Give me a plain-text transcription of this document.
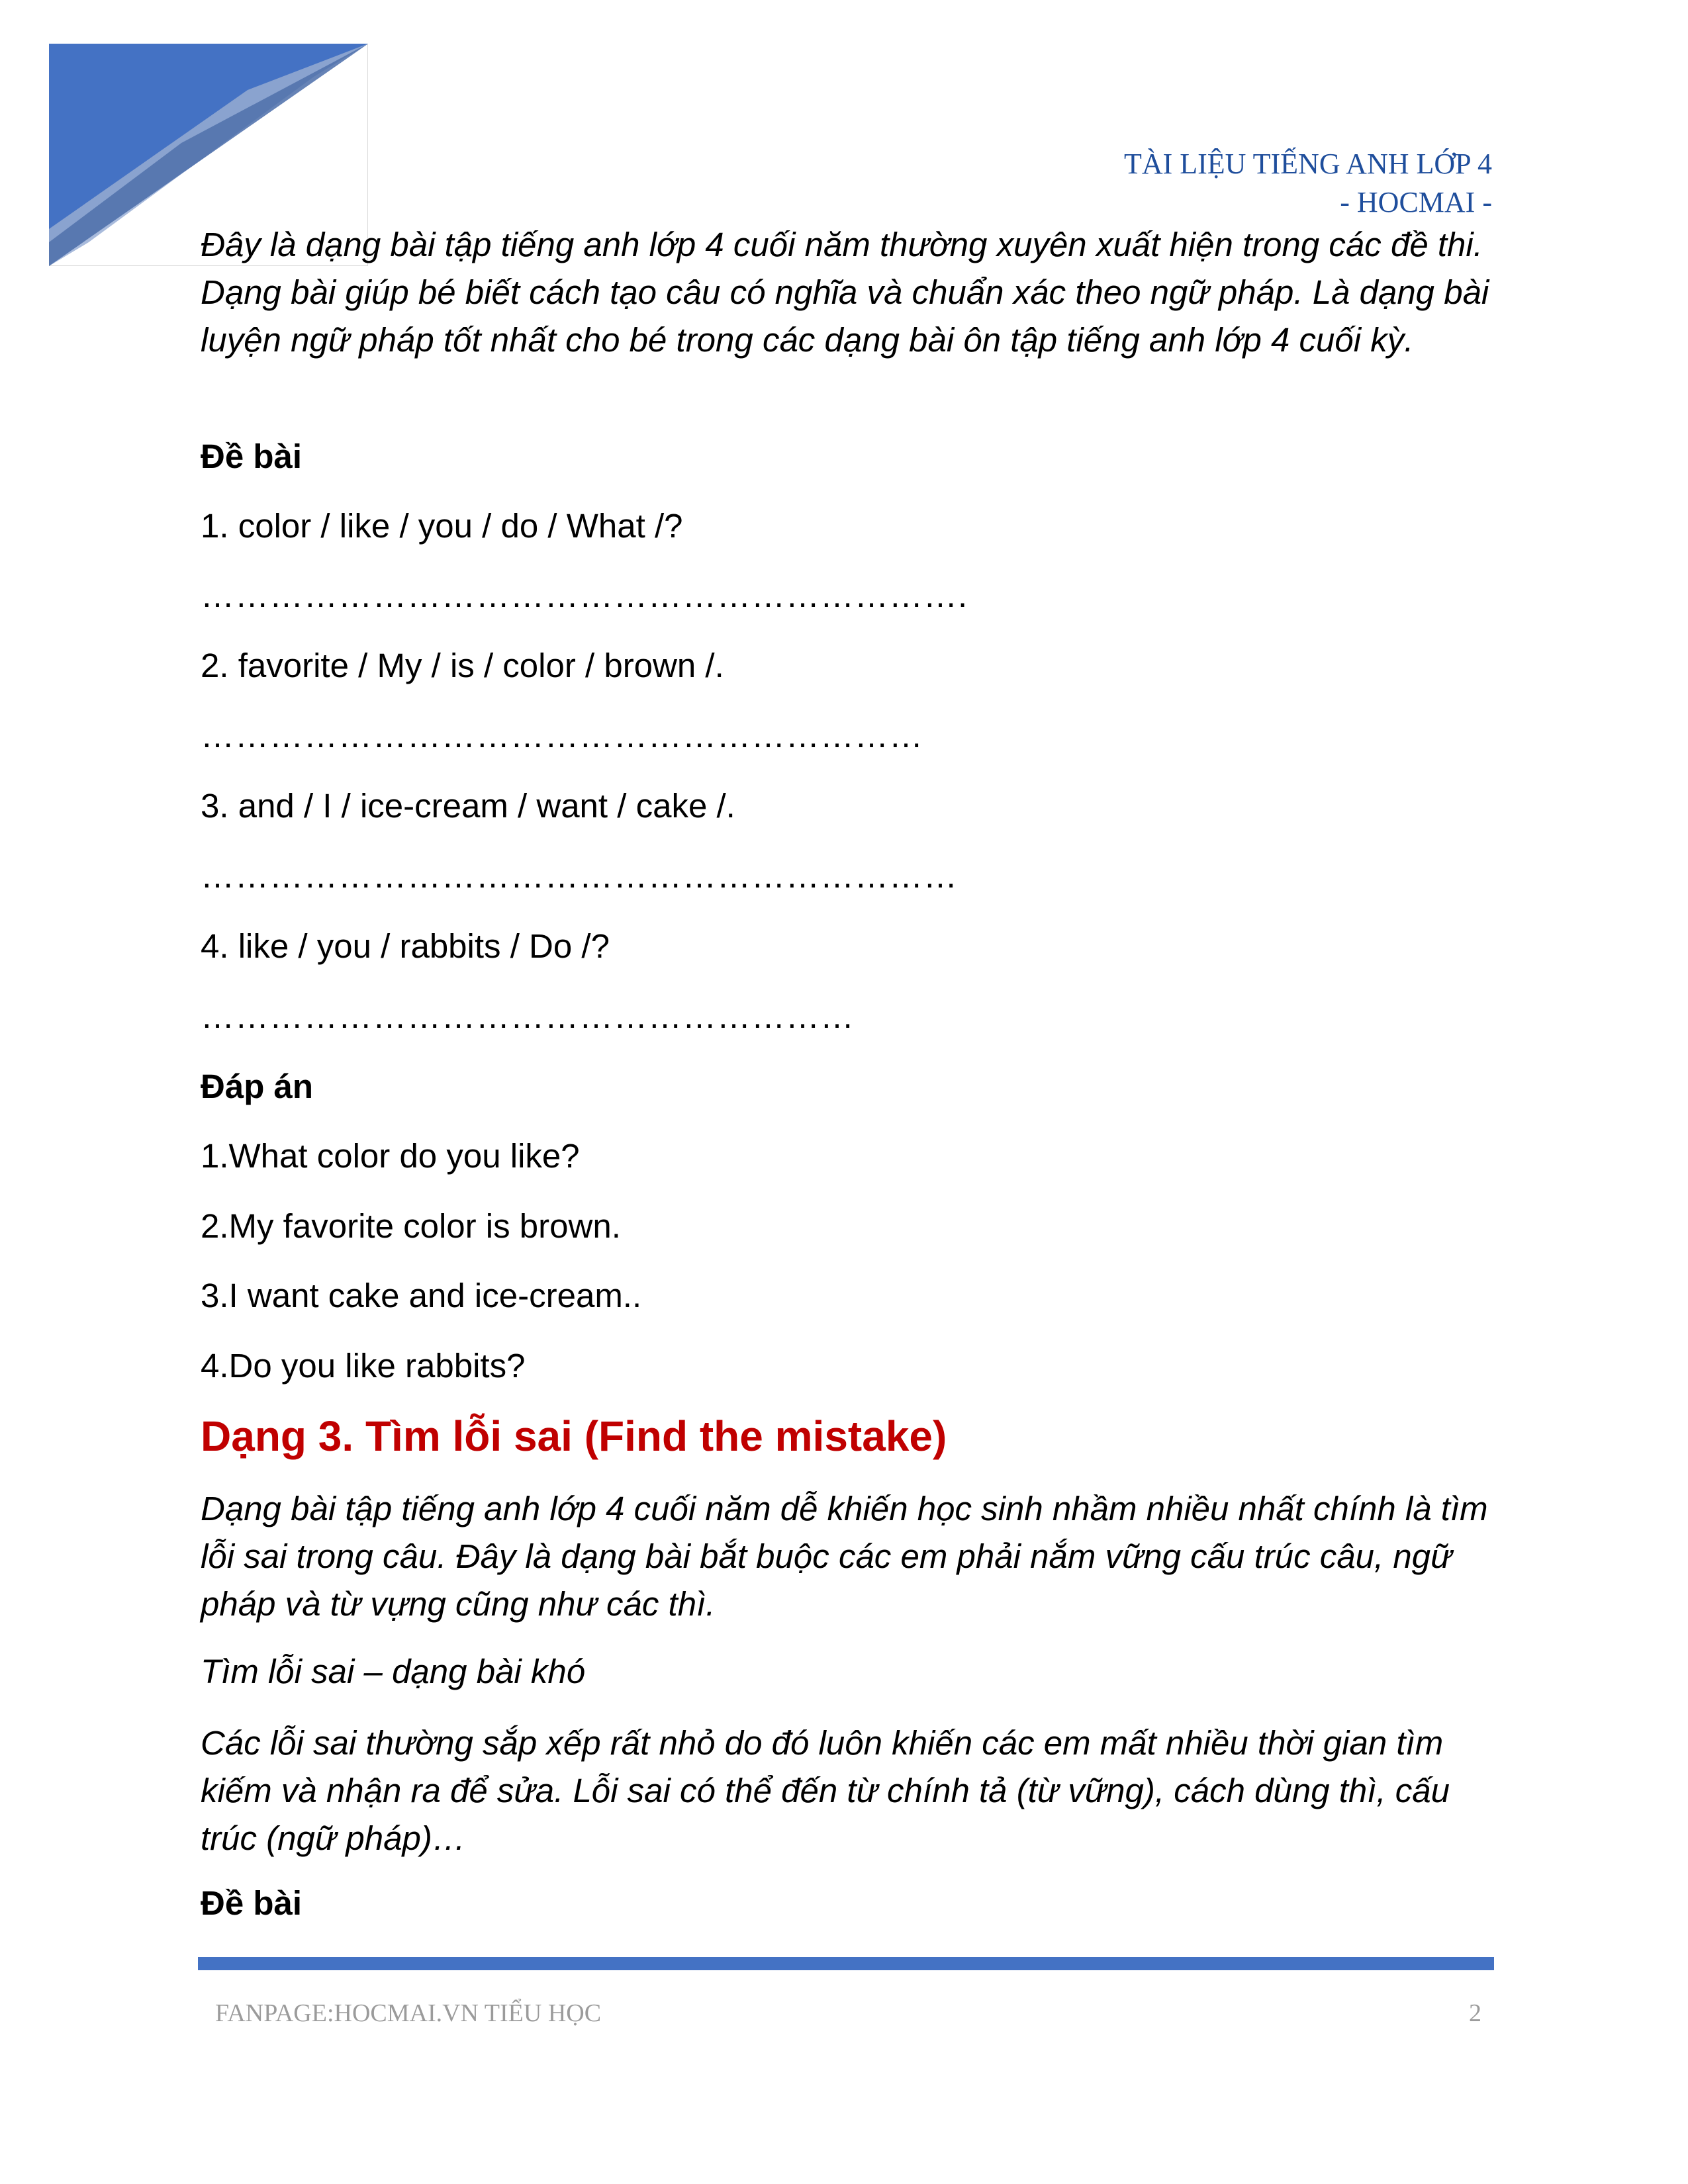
TÀI LIỆU TIẾNG ANH LỚP 4
- HOCMAI -

Đây là dạng bài tập tiếng anh lớp 4 cuối năm thường xuyên xuất hiện trong các đề thi. Dạng bài giúp bé biết cách tạo câu có nghĩa và chuẩn xác theo ngữ pháp. Là dạng bài luyện ngữ pháp tốt nhất cho bé trong các dạng bài ôn tập tiếng anh lớp 4 cuối kỳ.

Đề bài

1. color / like / you / do / What /?

………………………………………………………….

2. favorite / My / is / color / brown /.

………………………………………………………

3. and / I / ice-cream / want / cake /.

…………………………………………………………

4. like / you / rabbits / Do /?

…………………………………………………

Đáp án

1.What color do you like?

2.My favorite color is brown.

3.I want cake and ice-cream..

4.Do you like rabbits?

Dạng 3. Tìm lỗi sai (Find the mistake)

Dạng bài tập tiếng anh lớp 4 cuối năm dễ khiến học sinh nhầm nhiều nhất chính là tìm lỗi sai trong câu. Đây là dạng bài bắt buộc các em phải nắm vững cấu trúc câu, ngữ pháp và từ vựng cũng như các thì.

Tìm lỗi sai – dạng bài khó

Các lỗi sai thường sắp xếp rất nhỏ do đó luôn khiến các em mất nhiều thời gian tìm kiếm và nhận ra để sửa. Lỗi sai có thể đến từ chính tả (từ vững), cách dùng thì, cấu trúc (ngữ pháp)…

Đề bài

FANPAGE:HOCMAI.VN TIỂU HỌC	2
